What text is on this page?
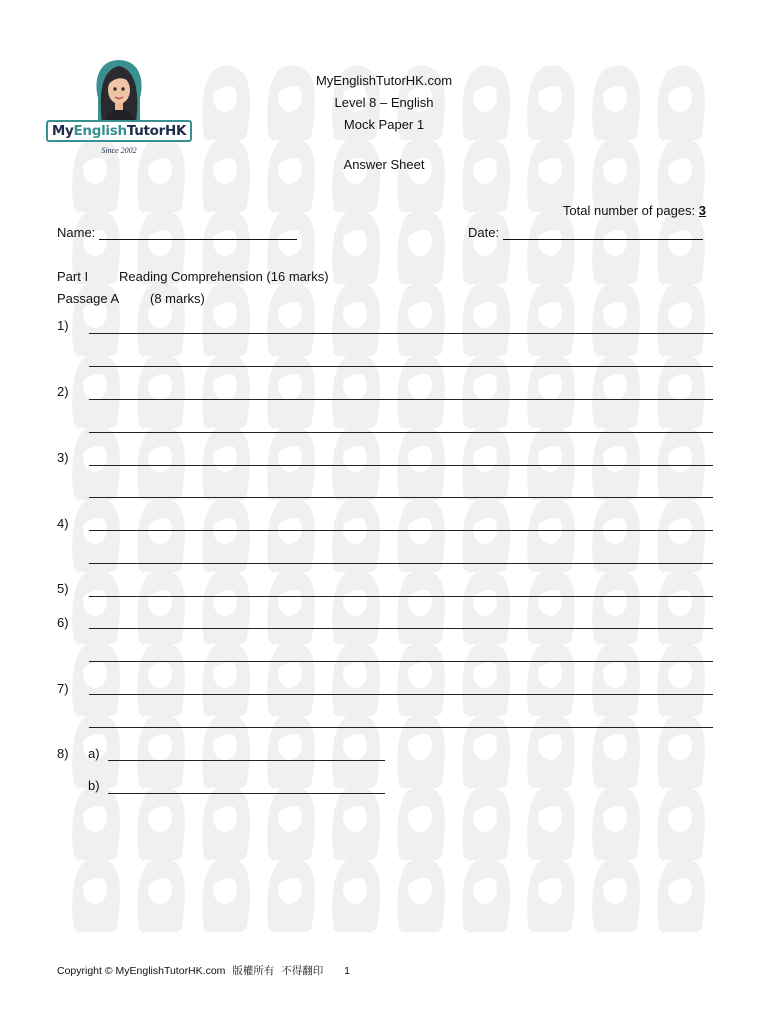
MyEnglishTutorHK
Since 2002
MyEnglishTutorHK.com
Level 8 – English
Mock Paper 1
Answer Sheet
Total number of pages: 3
Name:	Date:
Part I Reading Comprehension (16 marks)
Passage A (8 marks)
1)
2)
3)
4)
5)
6)
7)
8) a)
b)
Copyright © MyEnglishTutorHK.com 版權所有 不得翻印 1
